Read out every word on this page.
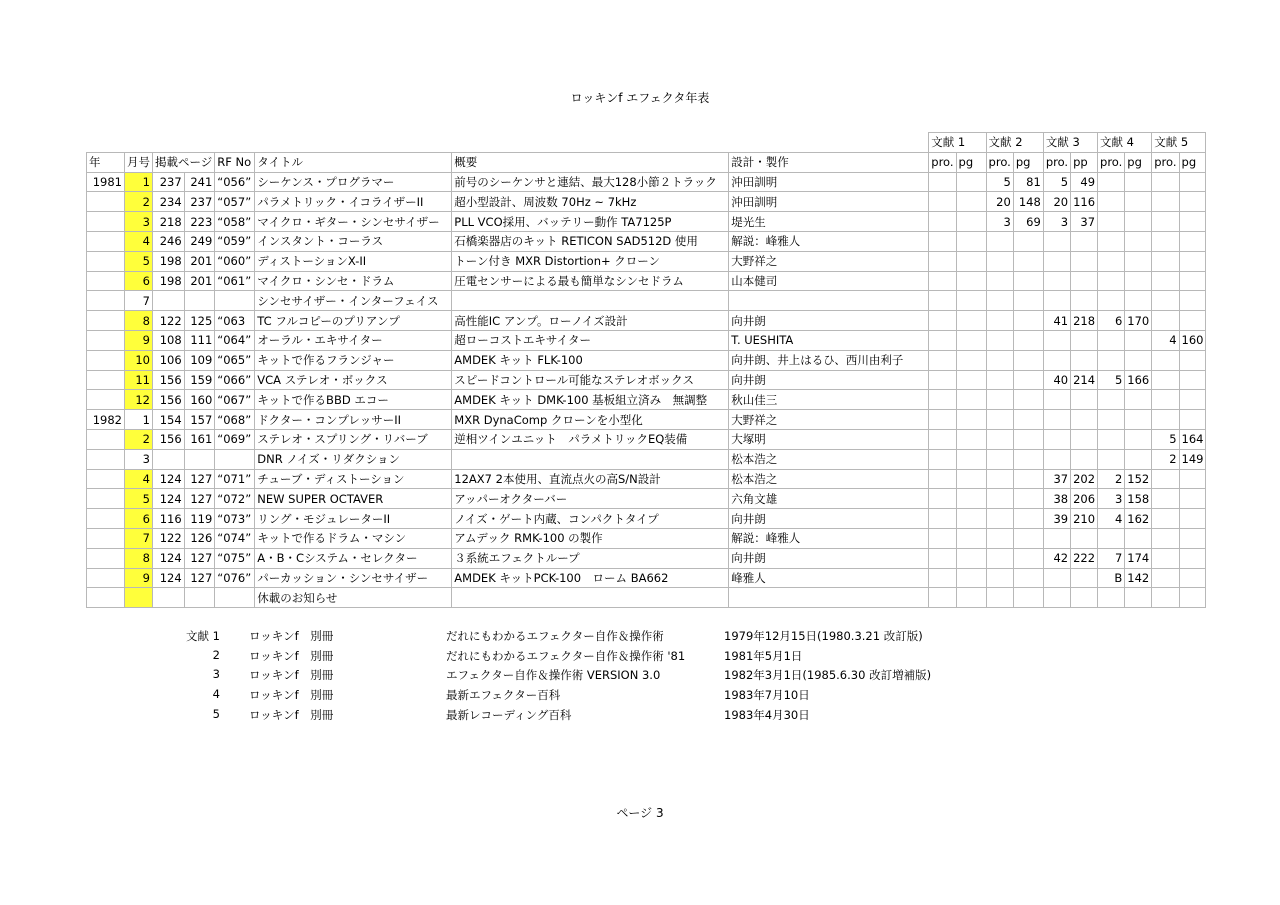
ロッキンf エフェクタ年表
								文献 1		文献 2		文献 3		文献 4		文献 5	
年	月号	掲載ページ		RF No	タイトル	概要	設計・製作	pro.	pg	pro.	pg	pro.	pp	pro.	pg	pro.	pg
1981	1	237	241	“056”	シーケンス・プログラマー	前号のシーケンサと連結、最大128小節２トラック	沖田訓明			5	81	5	49				
	2	234	237	“057”	パラメトリック・イコライザーII	超小型設計、周波数 70Hz ~ 7kHz	沖田訓明			20	148	20	116				
	3	218	223	“058”	マイクロ・ギター・シンセサイザー	PLL VCO採用、バッテリー動作 TA7125P	堤光生			3	69	3	37				
	4	246	249	“059”	インスタント・コーラス	石橋楽器店のキット RETICON SAD512D 使用	解説：峰雅人										
	5	198	201	“060”	ディストーションX-II	トーン付き MXR Distortion+ クローン	大野祥之										
	6	198	201	“061”	マイクロ・シンセ・ドラム	圧電センサーによる最も簡単なシンセドラム	山本健司										
	7				シンセサイザー・インターフェイス												
	8	122	125	“063	TC フルコピーのプリアンプ	高性能IC アンプ。ローノイズ設計	向井朗					41	218	6	170		
	9	108	111	“064”	オーラル・エキサイター	超ローコストエキサイター	T. UESHITA									4	160
	10	106	109	“065”	キットで作るフランジャー	AMDEK キット FLK-100	向井朗、井上はるひ、西川由利子										
	11	156	159	“066”	VCA ステレオ・ボックス	スピードコントロール可能なステレオボックス	向井朗					40	214	5	166		
	12	156	160	“067”	キットで作るBBD エコー	AMDEK キット DMK-100 基板組立済み　無調整	秋山佳三										
1982	1	154	157	“068”	ドクター・コンプレッサーII	MXR DynaComp クローンを小型化	大野祥之										
	2	156	161	“069”	ステレオ・スプリング・リバーブ	逆相ツインユニット　パラメトリックEQ装備	大塚明									5	164
	3				DNR ノイズ・リダクション		松本浩之									2	149
	4	124	127	“071”	チューブ・ディストーション	12AX7 2本使用、直流点火の高S/N設計	松本浩之					37	202	2	152		
	5	124	127	“072”	NEW SUPER OCTAVER	アッパーオクターバー	六角文雄					38	206	3	158		
	6	116	119	“073”	リング・モジュレーターII	ノイズ・ゲート内蔵、コンパクトタイプ	向井朗					39	210	4	162		
	7	122	126	“074”	キットで作るドラム・マシン	アムデック RMK-100 の製作	解説：峰雅人										
	8	124	127	“075”	A・B・Cシステム・セレクター	３系統エフェクトループ	向井朗					42	222	7	174		
	9	124	127	“076”	パーカッション・シンセサイザー	AMDEK キットPCK-100　ローム BA662	峰雅人							B	142		
					休載のお知らせ												
文献 1	ロッキンf　別冊	だれにもわかるエフェクター自作＆操作術	1979年12月15日(1980.3.21 改訂版)
2	ロッキンf　別冊	だれにもわかるエフェクター自作＆操作術 '81	1981年5月1日
3	ロッキンf　別冊	エフェクター自作＆操作術 VERSION 3.0	1982年3月1日(1985.6.30 改訂増補版)
4	ロッキンf　別冊	最新エフェクター百科	1983年7月10日
5	ロッキンf　別冊	最新レコーディング百科	1983年4月30日
ページ 3
